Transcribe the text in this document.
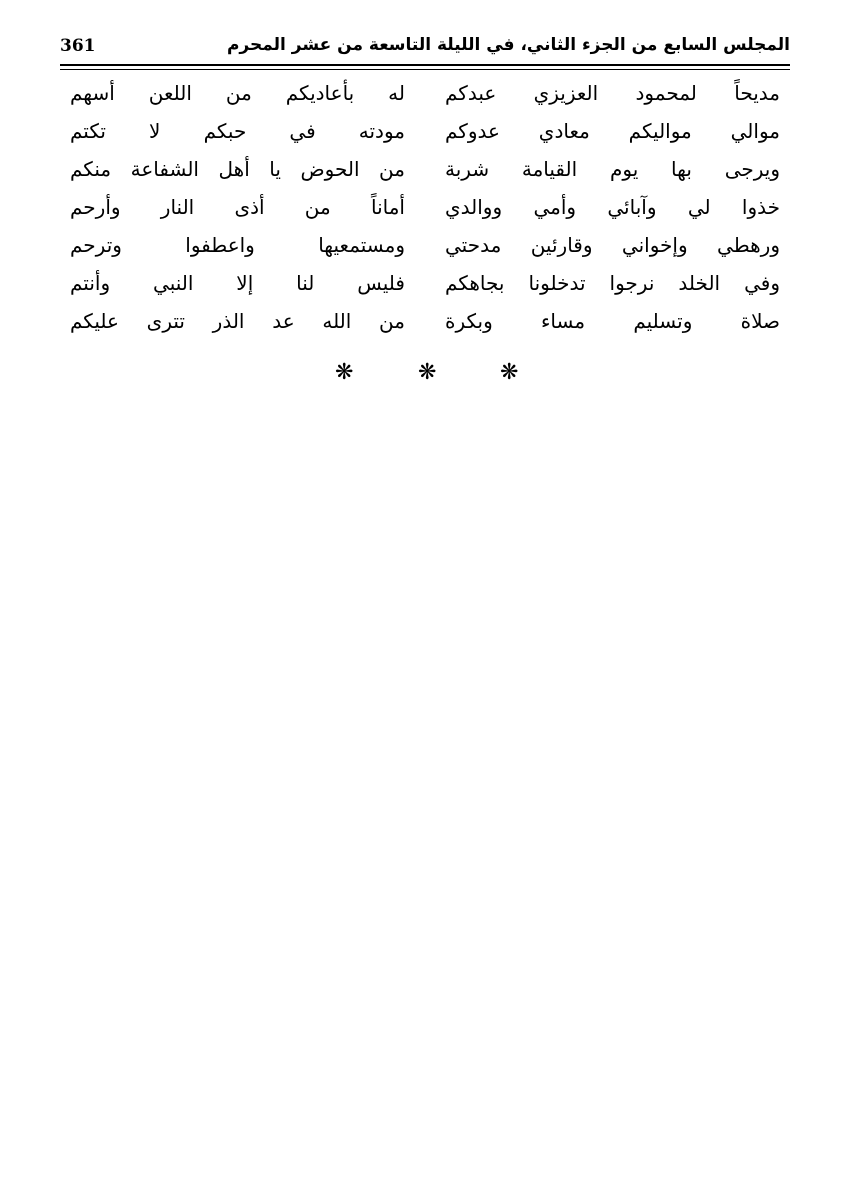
361	المجلس السابع من الجزء الثاني، في الليلة التاسعة من عشر المحرم
مديحاً لمحمود العزيزي عبدكم
له بأعاديكم من اللعن أسهم
موالي مواليكم معادي عدوكم
مودته في حبكم لا تكتم
ويرجى بها يوم القيامة شربة
من الحوض يا أهل الشفاعة منكم
خذوا لي وآبائي وأمي ووالدي
أماناً من أذى النار وأرحم
ورهطي وإخواني وقارئين مدحتي
ومستمعيها واعطفوا وترحم
وفي الخلد نرجوا تدخلونا بجاهكم
فليس لنا إلا النبي وأنتم
صلاة وتسليم مساء وبكرة
من الله عد الذر تترى عليكم
❋	❋	❋
